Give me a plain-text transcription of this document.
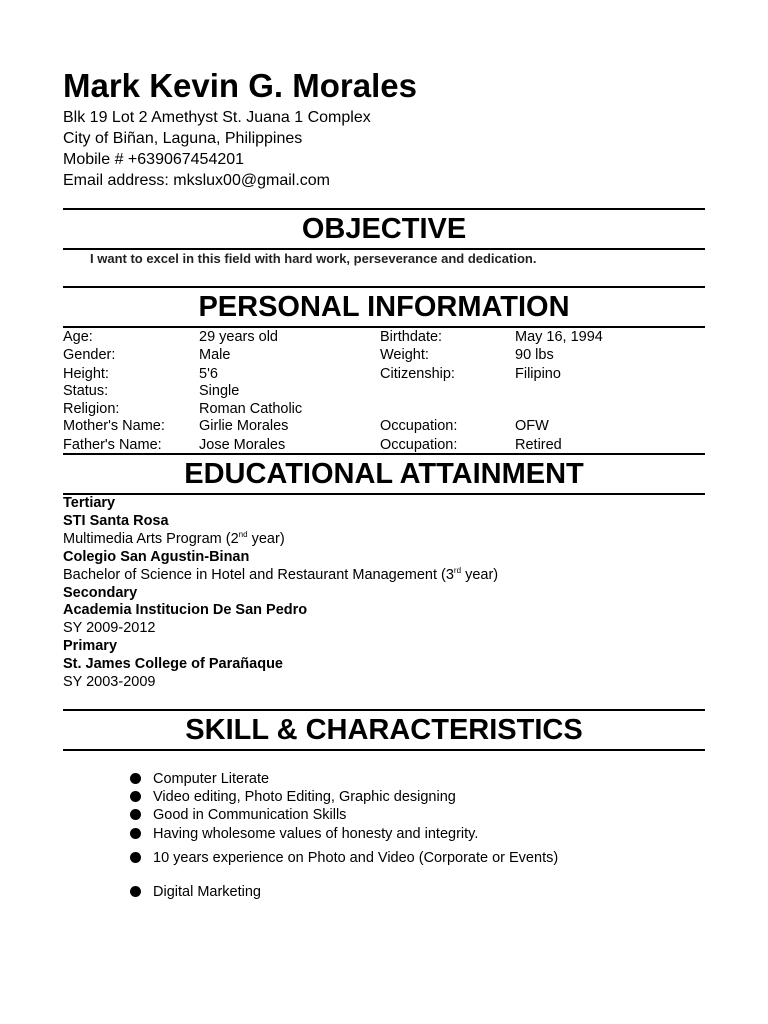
Mark Kevin G. Morales
Blk 19 Lot 2 Amethyst St. Juana 1 Complex
City of Biñan, Laguna, Philippines
Mobile # +639067454201
Email address: mkslux00@gmail.com
OBJECTIVE
I want to excel in this field with hard work, perseverance and dedication.
PERSONAL INFORMATION
Age:	29 years old	Birthdate:	May 16, 1994
Gender:	Male	Weight:	90 lbs
Height:	5'6	Citizenship:	Filipino
Status:	Single
Religion:	Roman Catholic
Mother's Name: Girlie Morales	Occupation:	OFW
Father's Name:	Jose Morales	Occupation:	Retired
EDUCATIONAL ATTAINMENT
Tertiary
STI Santa Rosa
Multimedia Arts Program (2nd year)
Colegio San Agustin-Binan
Bachelor of Science in Hotel and Restaurant Management (3rd year)
Secondary
Academia Institucion De San Pedro
SY 2009-2012
Primary
St. James College of Parañaque
SY 2003-2009
SKILL & CHARACTERISTICS
Computer Literate
Video editing, Photo Editing, Graphic designing
Good in Communication Skills
Having wholesome values of honesty and integrity.
10 years experience on Photo and Video (Corporate or Events)
Digital Marketing
